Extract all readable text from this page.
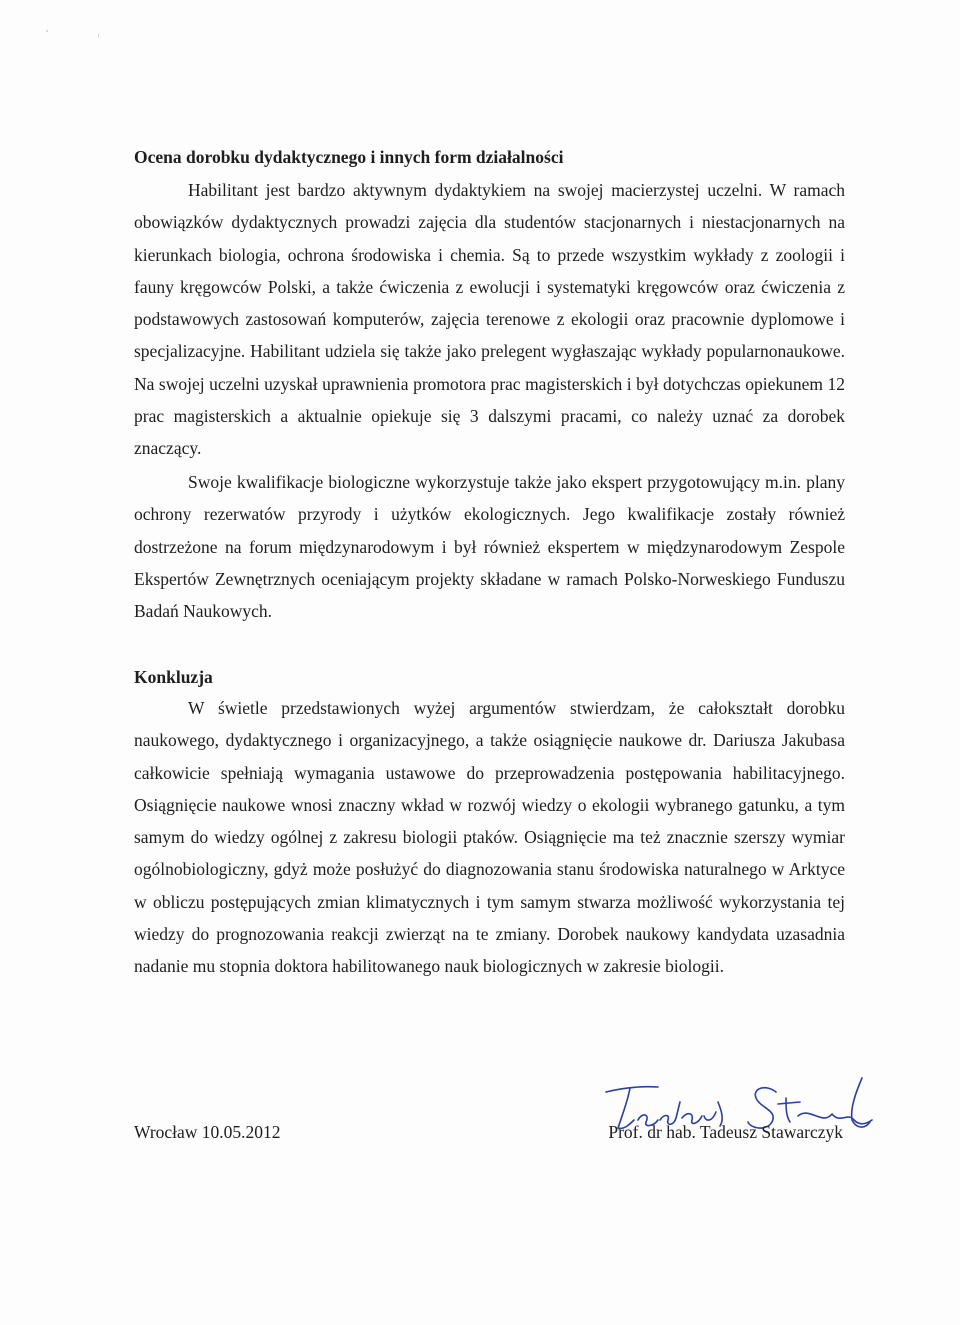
Ocena dorobku dydaktycznego i innych form działalności

Habilitant jest bardzo aktywnym dydaktykiem na swojej macierzystej uczelni. W ramach obowiązków dydaktycznych prowadzi zajęcia dla studentów stacjonarnych i niestacjonarnych na kierunkach biologia, ochrona środowiska i chemia. Są to przede wszystkim wykłady z zoologii i fauny kręgowców Polski, a także ćwiczenia z ewolucji i systematyki kręgowców oraz ćwiczenia z podstawowych zastosowań komputerów, zajęcia terenowe z ekologii oraz pracownie dyplomowe i specjalizacyjne. Habilitant udziela się także jako prelegent wygłaszając wykłady popularnonaukowe. Na swojej uczelni uzyskał uprawnienia promotora prac magisterskich i był dotychczas opiekunem 12 prac magisterskich a aktualnie opiekuje się 3 dalszymi pracami, co należy uznać za dorobek znaczący.

Swoje kwalifikacje biologiczne wykorzystuje także jako ekspert przygotowujący m.in. plany ochrony rezerwatów przyrody i użytków ekologicznych. Jego kwalifikacje zostały również dostrzeżone na forum międzynarodowym i był również ekspertem w międzynarodowym Zespole Ekspertów Zewnętrznych oceniającym projekty składane w ramach Polsko-Norweskiego Funduszu Badań Naukowych.

Konkluzja

W świetle przedstawionych wyżej argumentów stwierdzam, że całokształt dorobku naukowego, dydaktycznego i organizacyjnego, a także osiągnięcie naukowe dr. Dariusza Jakubasa całkowicie spełniają wymagania ustawowe do przeprowadzenia postępowania habilitacyjnego. Osiągnięcie naukowe wnosi znaczny wkład w rozwój wiedzy o ekologii wybranego gatunku, a tym samym do wiedzy ogólnej z zakresu biologii ptaków. Osiągnięcie ma też znacznie szerszy wymiar ogólnobiologiczny, gdyż może posłużyć do diagnozowania stanu środowiska naturalnego w Arktyce w obliczu postępujących zmian klimatycznych i tym samym stwarza możliwość wykorzystania tej wiedzy do prognozowania reakcji zwierząt na te zmiany. Dorobek naukowy kandydata uzasadnia nadanie mu stopnia doktora habilitowanego nauk biologicznych w zakresie biologii.

Wrocław 10.05.2012	Prof. dr hab. Tadeusz Stawarczyk
